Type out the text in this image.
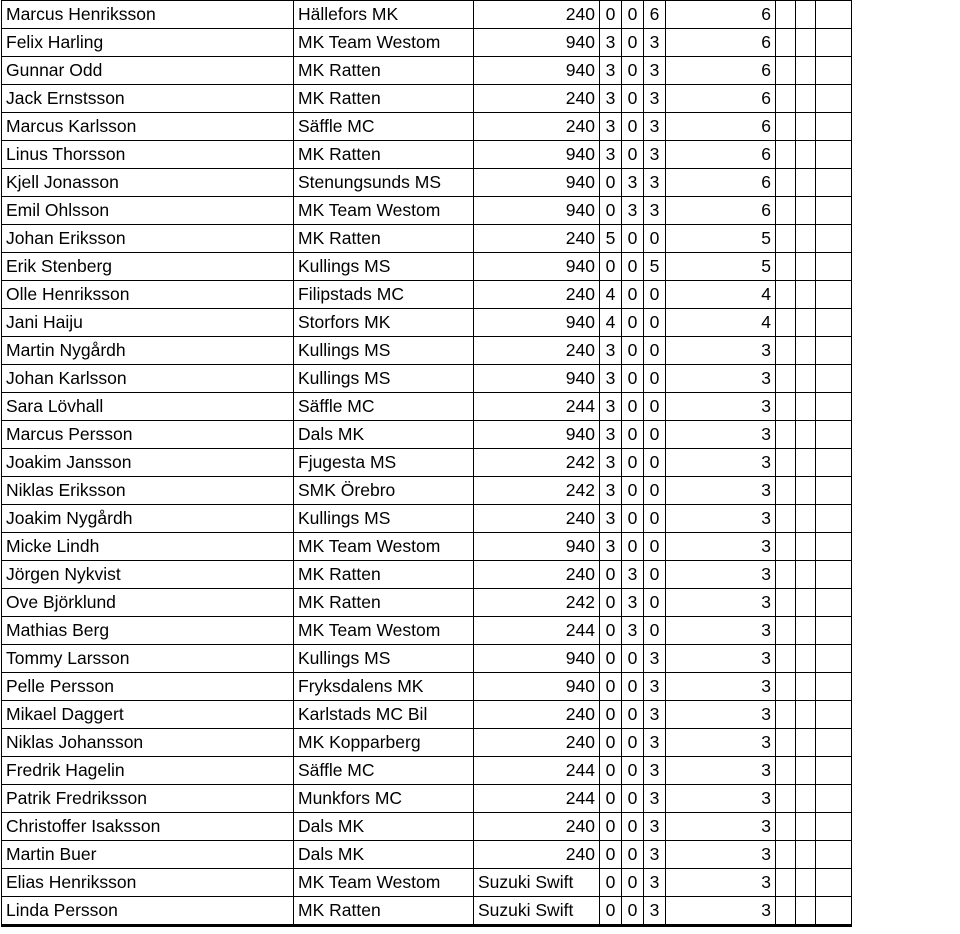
Marcus Henriksson	Hällefors MK	240	0	0	6	6			
Felix Harling	MK Team Westom	940	3	0	3	6			
Gunnar Odd	MK Ratten	940	3	0	3	6			
Jack Ernstsson	MK Ratten	240	3	0	3	6			
Marcus Karlsson	Säffle MC	240	3	0	3	6			
Linus Thorsson	MK Ratten	940	3	0	3	6			
Kjell Jonasson	Stenungsunds MS	940	0	3	3	6			
Emil Ohlsson	MK Team Westom	940	0	3	3	6			
Johan Eriksson	MK Ratten	240	5	0	0	5			
Erik Stenberg	Kullings MS	940	0	0	5	5			
Olle Henriksson	Filipstads MC	240	4	0	0	4			
Jani Haiju	Storfors MK	940	4	0	0	4			
Martin Nygårdh	Kullings MS	240	3	0	0	3			
Johan Karlsson	Kullings MS	940	3	0	0	3			
Sara Lövhall	Säffle MC	244	3	0	0	3			
Marcus Persson	Dals MK	940	3	0	0	3			
Joakim Jansson	Fjugesta MS	242	3	0	0	3			
Niklas Eriksson	SMK Örebro	242	3	0	0	3			
Joakim Nygårdh	Kullings MS	240	3	0	0	3			
Micke Lindh	MK Team Westom	940	3	0	0	3			
Jörgen Nykvist	MK Ratten	240	0	3	0	3			
Ove Björklund	MK Ratten	242	0	3	0	3			
Mathias Berg	MK Team Westom	244	0	3	0	3			
Tommy Larsson	Kullings MS	940	0	0	3	3			
Pelle Persson	Fryksdalens MK	940	0	0	3	3			
Mikael Daggert	Karlstads MC Bil	240	0	0	3	3			
Niklas Johansson	MK Kopparberg	240	0	0	3	3			
Fredrik Hagelin	Säffle MC	244	0	0	3	3			
Patrik Fredriksson	Munkfors MC	244	0	0	3	3			
Christoffer Isaksson	Dals MK	240	0	0	3	3			
Martin Buer	Dals MK	240	0	0	3	3			
Elias Henriksson	MK Team Westom	Suzuki Swift	0	0	3	3			
Linda Persson	MK Ratten	Suzuki Swift	0	0	3	3			
